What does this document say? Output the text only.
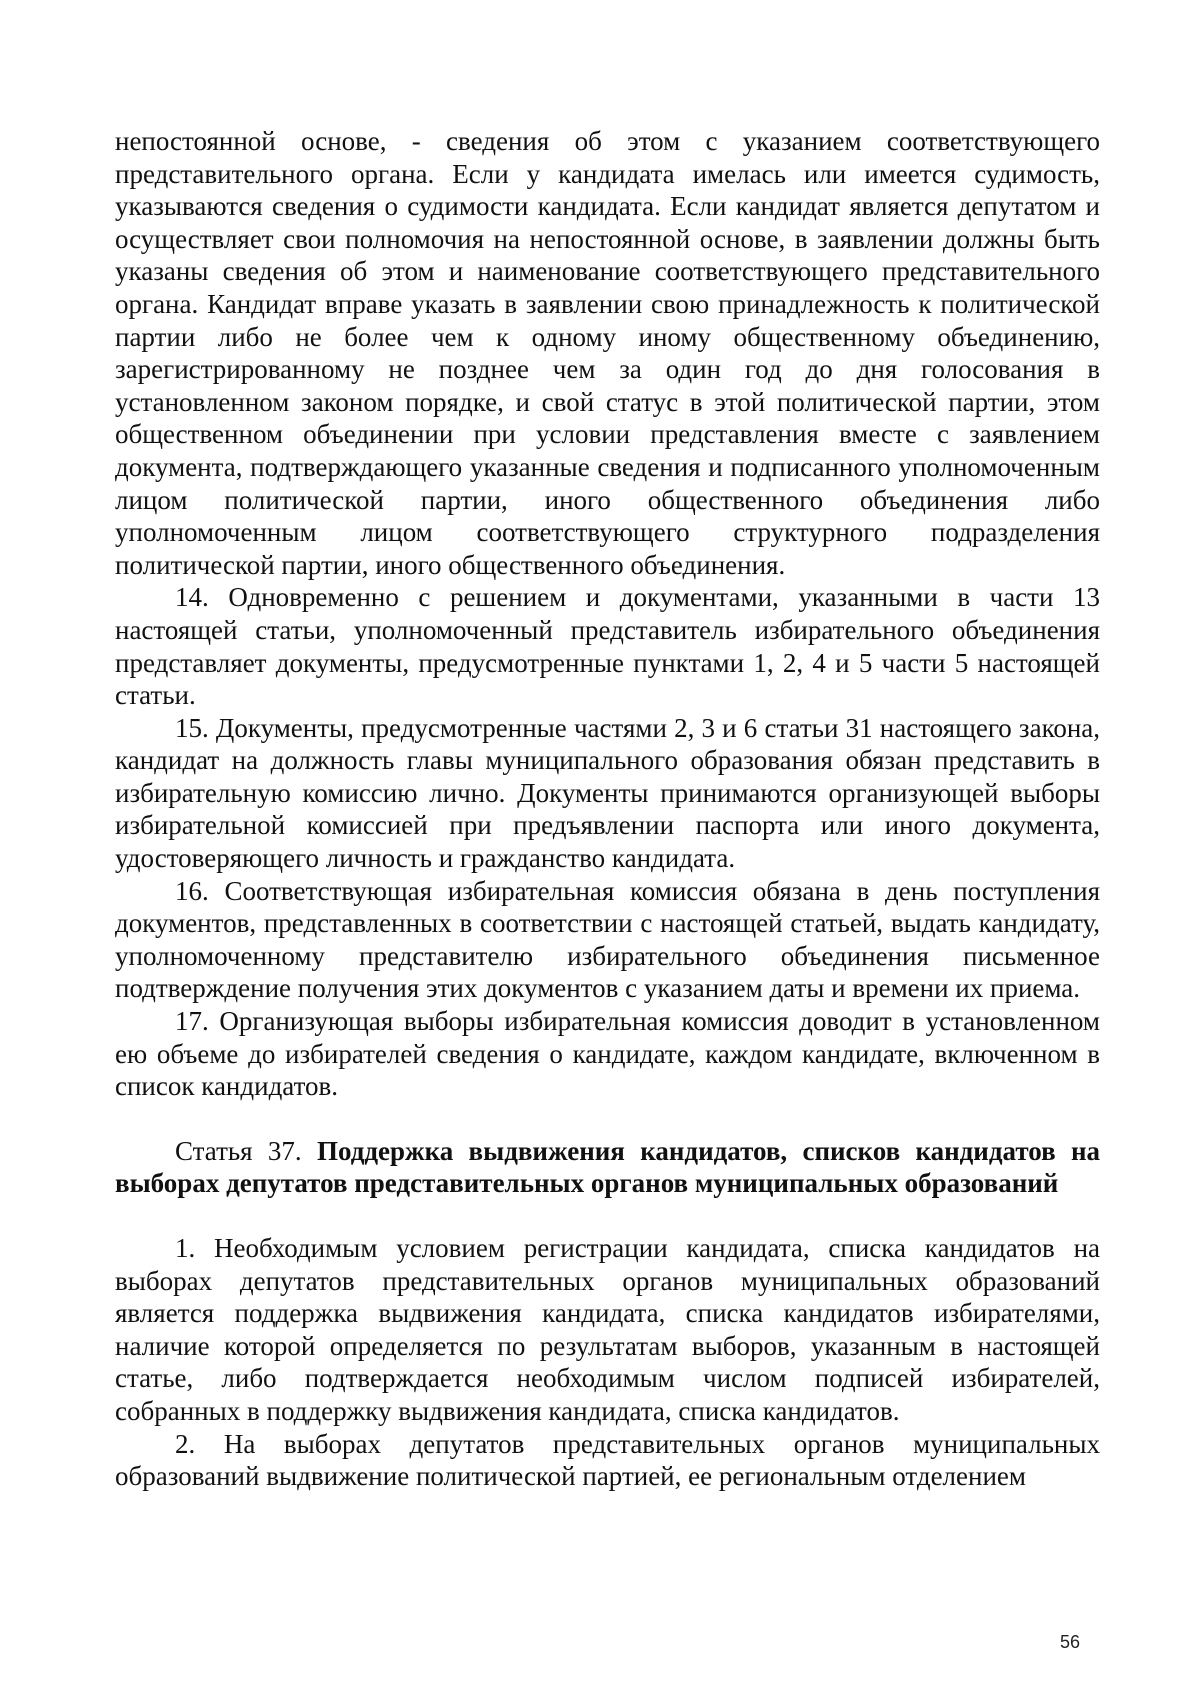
непостоянной основе, - сведения об этом с указанием соответствующего представительного органа. Если у кандидата имелась или имеется судимость, указываются сведения о судимости кандидата. Если кандидат является депутатом и осуществляет свои полномочия на непостоянной основе, в заявлении должны быть указаны сведения об этом и наименование соответствующего представительного органа. Кандидат вправе указать в заявлении свою принадлежность к политической партии либо не более чем к одному иному общественному объединению, зарегистрированному не позднее чем за один год до дня голосования в установленном законом порядке, и свой статус в этой политической партии, этом общественном объединении при условии представления вместе с заявлением документа, подтверждающего указанные сведения и подписанного уполномоченным лицом политической партии, иного общественного объединения либо уполномоченным лицом соответствующего структурного подразделения политической партии, иного общественного объединения.

14. Одновременно с решением и документами, указанными в части 13 настоящей статьи, уполномоченный представитель избирательного объединения представляет документы, предусмотренные пунктами 1, 2, 4 и 5 части 5 настоящей статьи.

15. Документы, предусмотренные частями 2, 3 и 6 статьи 31 настоящего закона, кандидат на должность главы муниципального образования обязан представить в избирательную комиссию лично. Документы принимаются организующей выборы избирательной комиссией при предъявлении паспорта или иного документа, удостоверяющего личность и гражданство кандидата.

16. Соответствующая избирательная комиссия обязана в день поступления документов, представленных в соответствии с настоящей статьей, выдать кандидату, уполномоченному представителю избирательного объединения письменное подтверждение получения этих документов с указанием даты и времени их приема.

17. Организующая выборы избирательная комиссия доводит в установленном ею объеме до избирателей сведения о кандидате, каждом кандидате, включенном в список кандидатов.

Статья 37. Поддержка выдвижения кандидатов, списков кандидатов на выборах депутатов представительных органов муниципальных образований

1. Необходимым условием регистрации кандидата, списка кандидатов на выборах депутатов представительных органов муниципальных образований является поддержка выдвижения кандидата, списка кандидатов избирателями, наличие которой определяется по результатам выборов, указанным в настоящей статье, либо подтверждается необходимым числом подписей избирателей, собранных в поддержку выдвижения кандидата, списка кандидатов.

2. На выборах депутатов представительных органов муниципальных образований выдвижение политической партией, ее региональным отделением

56
